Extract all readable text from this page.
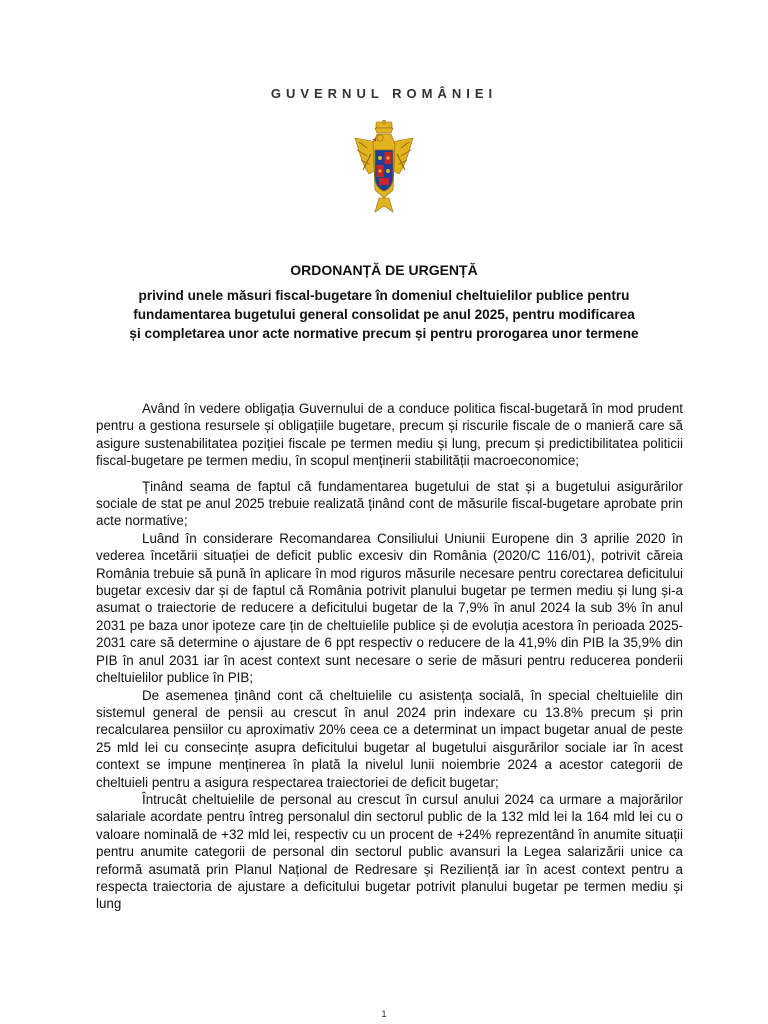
GUVERNUL ROMÂNIEI
ORDONANȚĂ DE URGENȚĂ
privind unele măsuri fiscal-bugetare în domeniul cheltuielilor publice pentru
fundamentarea bugetului general consolidat pe anul 2025, pentru modificarea
și completarea unor acte normative precum și pentru prorogarea unor termene

Având în vedere obligația Guvernului de a conduce politica fiscal-bugetară în mod prudent pentru a gestiona resursele și obligațiile bugetare, precum și riscurile fiscale de o manieră care să asigure sustenabilitatea poziției fiscale pe termen mediu și lung, precum și predictibilitatea politicii fiscal-bugetare pe termen mediu, în scopul menținerii stabilității macroeconomice;

Ținând seama de faptul că fundamentarea bugetului de stat și a bugetului asigurărilor sociale de stat pe anul 2025 trebuie realizată ținând cont de măsurile fiscal-bugetare aprobate prin acte normative;

Luând în considerare Recomandarea Consiliului Uniunii Europene din 3 aprilie 2020 în vederea încetării situației de deficit public excesiv din România (2020/C 116/01), potrivit căreia România trebuie să pună în aplicare în mod riguros măsurile necesare pentru corectarea deficitului bugetar excesiv dar și de faptul că România potrivit planului bugetar pe termen mediu și lung și-a asumat o traiectorie de reducere a deficitului bugetar de la 7,9% în anul 2024 la sub 3% în anul 2031 pe baza unor ipoteze care țin de cheltuielile publice și de evoluția acestora în perioada 2025-2031 care să determine o ajustare de 6 ppt respectiv o reducere de la 41,9% din PIB la 35,9% din PIB în anul 2031 iar în acest context sunt necesare o serie de măsuri pentru reducerea ponderii cheltuielilor publice în PIB;

De asemenea ținând cont că cheltuielile cu asistența socială, în special cheltuielile din sistemul general de pensii au crescut în anul 2024 prin indexare cu 13.8% precum și prin recalcularea pensiilor cu aproximativ 20% ceea ce a determinat un impact bugetar anual de peste 25 mld lei cu consecințe asupra deficitului bugetar al bugetului aisgurărilor sociale iar în acest context se impune menținerea în plată la nivelul lunii noiembrie 2024 a acestor categorii de cheltuieli pentru a asigura respectarea traiectoriei de deficit bugetar;

Întrucât cheltuielile de personal au crescut în cursul anului 2024 ca urmare a majorărilor salariale acordate pentru întreg personalul din sectorul public de la 132 mld lei la 164 mld lei cu o valoare nominală de +32 mld lei, respectiv cu un procent de +24% reprezentând în anumite situații pentru anumite categorii de personal din sectorul public avansuri la Legea salarizării unice ca reformă asumată prin Planul Național de Redresare și Reziliență iar în acest context pentru a respecta traiectoria de ajustare a deficitului bugetar potrivit planului bugetar pe termen mediu și lung

1
